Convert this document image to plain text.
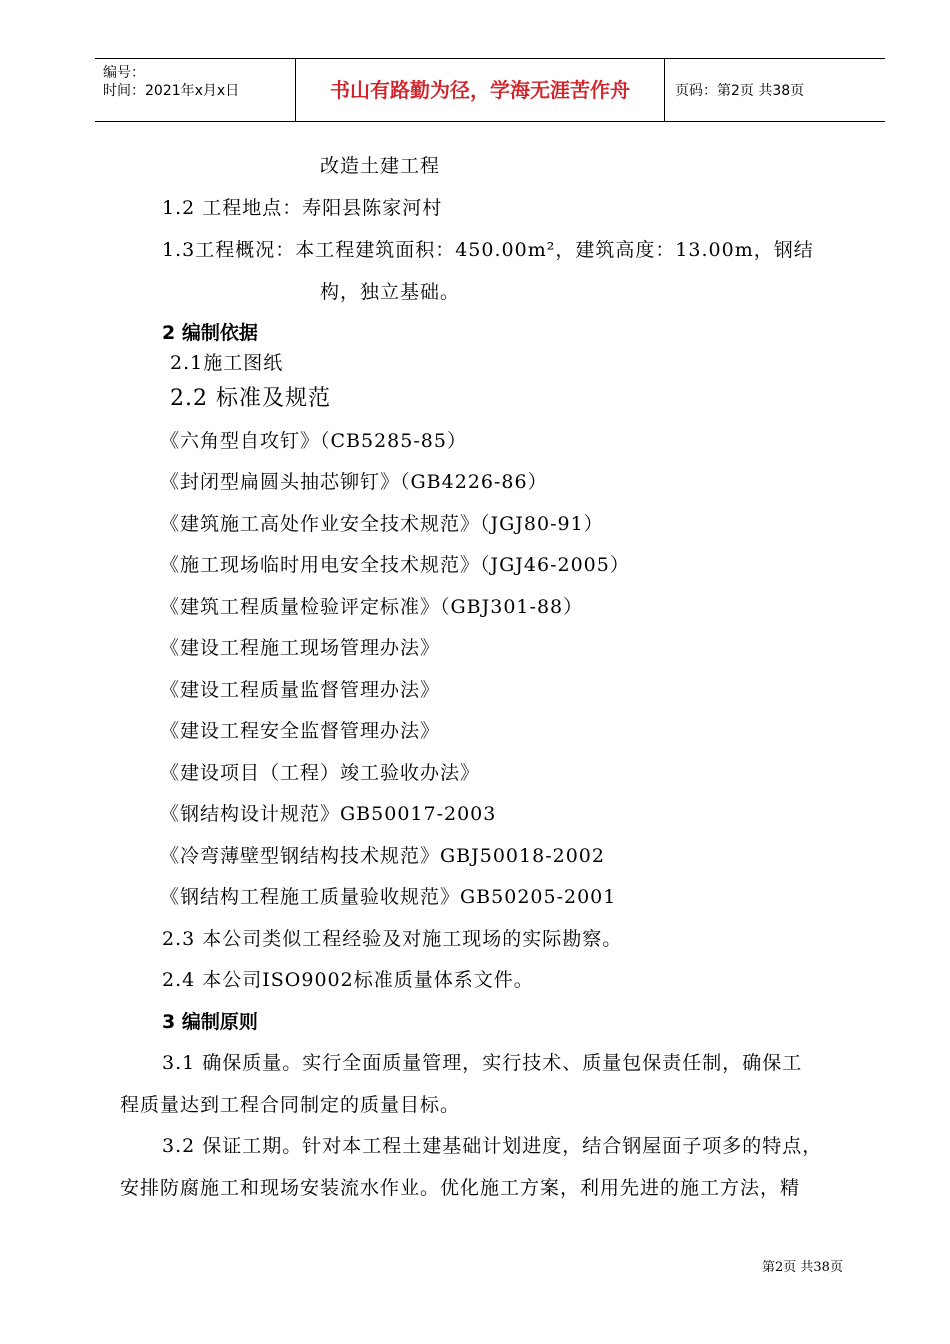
编号：
时间：2021年x月x日	书山有路勤为径，学海无涯苦作舟	页码：第2页 共38页
改造土建工程
1.2 工程地点：寿阳县陈家河村
1.3工程概况：本工程建筑面积：450.00m²，建筑高度：13.00m，钢结
构，独立基础。
2 编制依据
2.1施工图纸
2.2 标准及规范
《六角型自攻钉》（CB5285-85）
《封闭型扁圆头抽芯铆钉》（GB4226-86）
《建筑施工高处作业安全技术规范》（JGJ80-91）
《施工现场临时用电安全技术规范》（JGJ46-2005）
《建筑工程质量检验评定标准》（GBJ301-88）
《建设工程施工现场管理办法》
《建设工程质量监督管理办法》
《建设工程安全监督管理办法》
《建设项目（工程）竣工验收办法》
《钢结构设计规范》GB50017-2003
《冷弯薄壁型钢结构技术规范》GBJ50018-2002
《钢结构工程施工质量验收规范》GB50205-2001
2.3 本公司类似工程经验及对施工现场的实际勘察。
2.4 本公司ISO9002标准质量体系文件。
3 编制原则
3.1 确保质量。实行全面质量管理，实行技术、质量包保责任制，确保工
程质量达到工程合同制定的质量目标。
3.2 保证工期。针对本工程土建基础计划进度，结合钢屋面子项多的特点，
安排防腐施工和现场安装流水作业。优化施工方案，利用先进的施工方法，精
第2页 共38页
